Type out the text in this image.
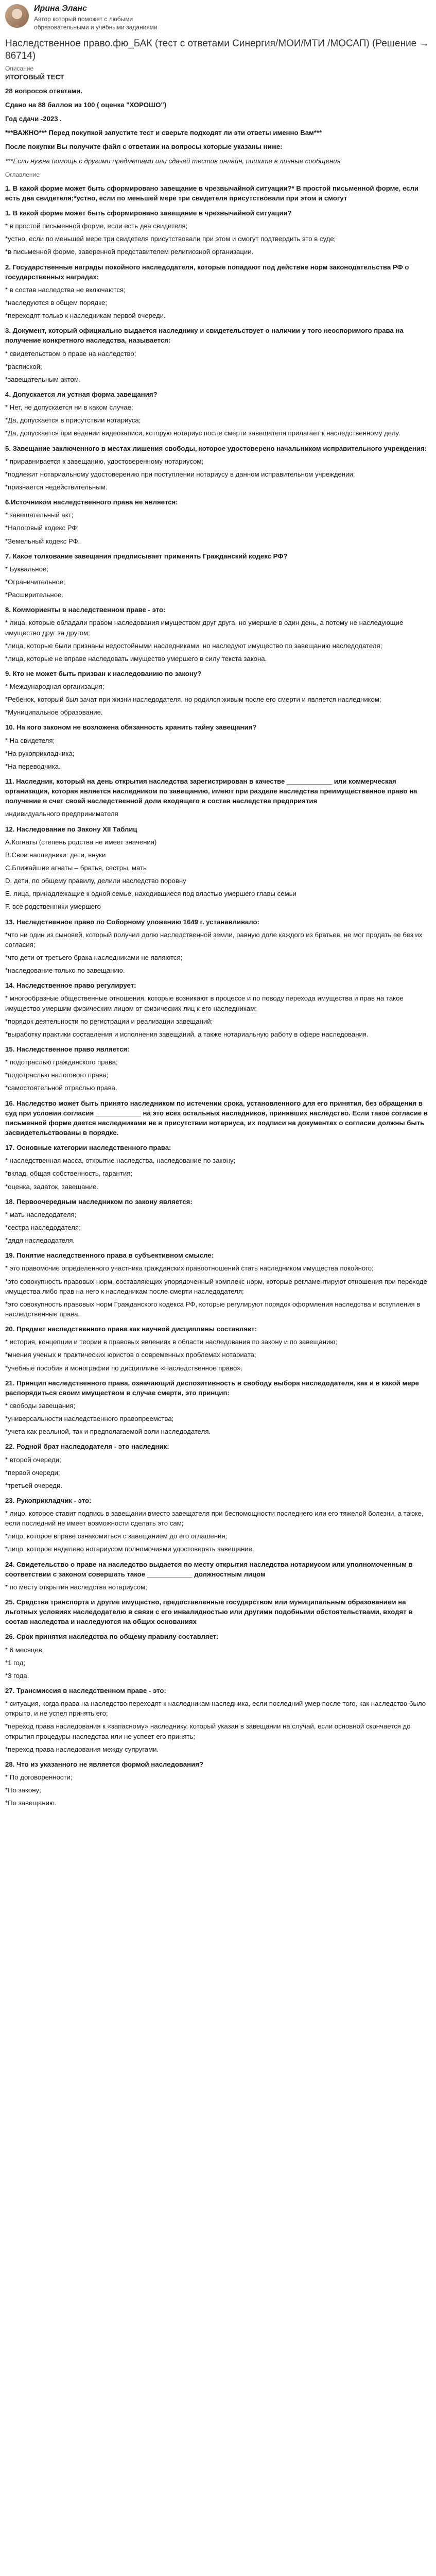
Ирина Эланс

Автор который поможет с любыми образовательными и учебными заданиями
Наследственное право.фю_БАК (тест с ответами Синергия/МОИ/МТИ /МОСАП) (Решение → 86714)
Описание
ИТОГОВЫЙ ТЕСТ

28 вопросов ответами.

Сдано на 88 баллов из 100 ( оценка "ХОРОШО")

Год сдачи -2023 .

***ВАЖНО*** Перед покупкой запустите тест и сверьте подходят ли эти ответы именно Вам***

После покупки Вы получите файл с ответами на вопросы которые указаны ниже:

***Если нужна помощь с другими предметами или сдачей тестов онлайн, пишите в личные сообщения

Оглавление
1. В какой форме может быть сформировано завещание в чрезвычайной ситуации?* В простой письменной форме, если есть два свидетеля;*устно, если по меньшей мере три свидетеля присутствовали при этом и смогут
1. В какой форме может быть сформировано завещание в чрезвычайной ситуации?
* в простой письменной форме, если есть два свидетеля;
*устно, если по меньшей мере три свидетеля присутствовали при этом и смогут подтвердить это в суде;
*в письменной форме, заверенной представителем религиозной организации.
2. Государственные награды покойного наследодателя, которые попадают под действие норм законодательства РФ о государственных наградах:
* в состав наследства не включаются;
*наследуются в общем порядке;
*переходят только к наследникам первой очереди.
3. Документ, который официально выдается наследнику и свидетельствует о наличии у того неоспоримого права на получение конкретного наследства, называется:
* свидетельством о праве на наследство;
*распиской;
*завещательным актом.
4. Допускается ли устная форма завещания?
* Нет, не допускается ни в каком случае;
*Да, допускается в присутствии нотариуса;
*Да, допускается при ведении видеозаписи, которую нотариус после смерти завещателя прилагает к наследственному делу.
5. Завещание заключенного в местах лишения свободы, которое удостоверено начальником исправительного учреждения:
* приравнивается к завещанию, удостоверенному нотариусом;
*подлежит нотариальному удостоверению при поступлении нотариусу в данном исправительном учреждении;
*признается недействительным.
6.Источником наследственного права не является:
* завещательный акт;
*Налоговый кодекс РФ;
*Земельный кодекс РФ.
7. Какое толкование завещания предписывает применять Гражданский кодекс РФ?
* Буквальное;
*Ограничительное;
*Расширительное.
8. Коммориенты в наследственном праве - это:
* лица, которые обладали правом наследования имуществом друг друга, но умершие в один день, а потому не наследующие имущество друг за другом;
*лица, которые были признаны недостойными наследниками, но наследуют имущество по завещанию наследодателя;
*лица, которые не вправе наследовать имущество умершего в силу текста закона.
9. Кто не может быть призван к наследованию по закону?
* Международная организация;
*Ребенок, который был зачат при жизни наследодателя, но родился живым после его смерти и является наследником;
*Муниципальное образование.
10. На кого законом не возложена обязанность хранить тайну завещания?
* На свидетеля;
*На рукоприкладчика;
*На переводчика.
11. Наследник, который на день открытия наследства зарегистрирован в качестве ____________ или коммерческая организация, которая является наследником по завещанию, имеют при разделе наследства преимущественное право на получение в счет своей наследственной доли входящего в состав наследства предприятия
индивидуального предпринимателя
12. Наследование по Закону XII Таблиц
A.Когнаты (степень родства не имеет значения)
B.Свои наследники: дети, внуки
C.Ближайшие агнаты – братья, сестры, мать
D. дети, по общему правилу, делили наследство поровну
E. лица, принадлежащие к одной семье, находившиеся под властью умершего главы семьи
F. все родственники умершего
13. Наследственное право по Соборному уложению 1649 г. устанавливало:
*что ни один из сыновей, который получил долю наследственной земли, равную доле каждого из братьев, не мог продать ее без их согласия;
*что дети от третьего брака наследниками не являются;
*наследование только по завещанию.
14. Наследственное право регулирует:
* многообразные общественные отношения, которые возникают в процессе и по поводу перехода имущества и прав на такое имущество умершим физическим лицом от физических лиц к его наследникам;
*порядок деятельности по регистрации и реализации завещаний;
*выработку практики составления и исполнения завещаний, а также нотариальную работу в сфере наследования.
15. Наследственное право является:
* подотраслью гражданского права;
*подотраслью налогового права;
*самостоятельной отраслью права.
16. Наследство может быть принято наследником по истечении срока, установленного для его принятия, без обращения в суд при условии согласия ____________ на это всех остальных наследников, принявших наследство. Если такое согласие в письменной форме дается наследниками не в присутствии нотариуса, их подписи на документах о согласии должны быть засвидетельствованы в порядке.
17. Основные категории наследственного права:
* наследственная масса, открытие наследства, наследование по закону;
*вклад, общая собственность, гарантия;
*оценка, задаток, завещание.
18. Первоочередным наследником по закону является:
* мать наследодателя;
*сестра наследодателя;
*дядя наследодателя.
19. Понятие наследственного права в субъективном смысле:
* это правомочие определенного участника гражданских правоотношений стать наследником имущества покойного;
*это совокупность правовых норм, составляющих упорядоченный комплекс норм, которые регламентируют отношения при переходе имущества либо прав на него к наследникам после смерти наследодателя;
*это совокупность правовых норм Гражданского кодекса РФ, которые регулируют порядок оформления наследства и вступления в наследственные права.
20. Предмет наследственного права как научной дисциплины составляет:
* история, концепции и теории в правовых явлениях в области наследования по закону и по завещанию;
*мнения ученых и практических юристов о современных проблемах нотариата;
*учебные пособия и монографии по дисциплине «Наследственное право».
21. Принцип наследственного права, означающий диспозитивность в свободу выбора наследодателя, как и в какой мере распорядиться своим имуществом в случае смерти, это принцип:
* свободы завещания;
*универсальности наследственного правопреемства;
*учета как реальной, так и предполагаемой воли наследодателя.
22. Родной брат наследодателя - это наследник:
* второй очереди;
*первой очереди;
*третьей очереди.
23. Рукоприкладчик - это:
* лицо, которое ставит подпись в завещании вместо завещателя при беспомощности последнего или его тяжелой болезни, а также, если последний не имеет возможности сделать это сам;
*лицо, которое вправе ознакомиться с завещанием до его оглашения;
*лицо, которое наделено нотариусом полномочиями удостоверять завещание.
24. Свидетельство о праве на наследство выдается по месту открытия наследства нотариусом или уполномоченным в соответствии с законом совершать такое ____________ должностным лицом
* по месту открытия наследства нотариусом;
25. Средства транспорта и другие имущество, предоставленные государством или муниципальным образованием на льготных условиях наследодателю в связи с его инвалидностью или другими подобными обстоятельствами, входят в состав наследства и наследуются на общих основаниях
26. Срок принятия наследства по общему правилу составляет:
* 6 месяцев;
*1 год;
*3 года.
27. Трансмиссия в наследственном праве - это:
* ситуация, когда права на наследство переходят к наследникам наследника, если последний умер после того, как наследство было открыто, и не успел принять его;
*переход права наследования к «запасному» наследнику, который указан в завещании на случай, если основной скончается до открытия процедуры наследства или не успеет его принять;
*переход права наследования между супругами.
28. Что из указанного не является формой наследования?
* По договоренности;
*По закону;
*По завещанию.
